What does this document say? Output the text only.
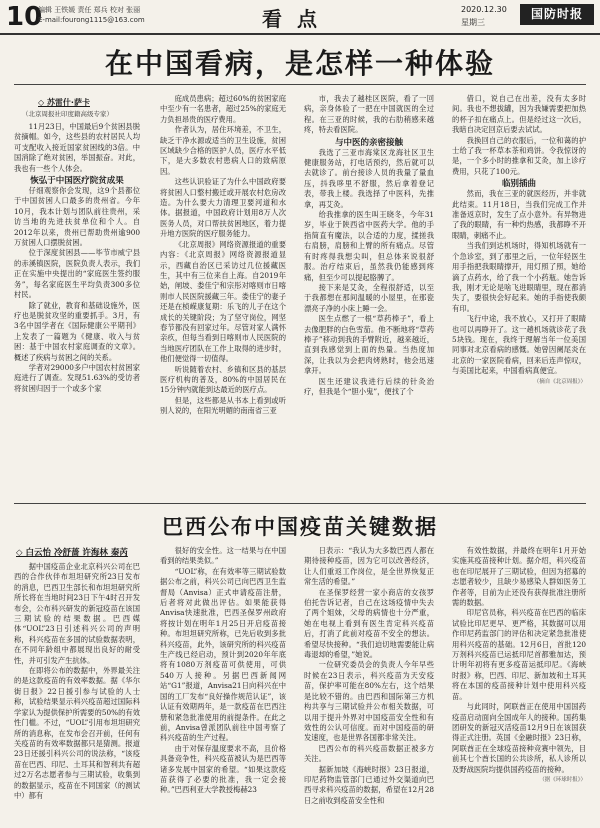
10
编辑 王铁媛 责任 郑兵 校对 张丽
E-mail:fourong1115@163.com	看 点	2020.12.30
星期三
国防时报
在中国看病，是怎样一种体验
◇ 苏雷什·萨卡
（北京周报社印度籍高级专家）

11月23日，中国最后9个贫困县脱贫摘帽。如今，这些县的农村居民人均可支配收入接近国家贫困线的3倍。中国消除了绝对贫困，举国振奋。对此，我也有一些个人体会。

恢弘于中国医疗院贫成果

仔细观察你会发现，这9个县都位于中国贫困人口最多的贵州省。今年10月，我本计划与团队前往贵州，采访当地的先进扶贫单位和个人。自2012年以来，贵州已帮助贵州逾900万贫困人口摆脱贫困。

位于深度贫困县——毕节市威宁县的赤溪镇医院，医院负责人表示，我们正在实施中央提出的“家庭医生签约服务”，每名家庭医生平均负责300多位村民。

除了就业，教育和基础设施外，医疗也是脱贫攻坚的重要抓手。3月，有3名中国学者在《国际健康公平期刊》上发表了一篇题为《健康、收入与贫困：基于中国农村家庭调查的文章》。概述了疾病与贫困之间的关系。

学者对29000多户中国农村贫困家庭进行了调查。发现51.63%的受访者将贫困归因于一个或多个家

庭成员患病；超过60%的贫困家庭中至少有一名患者，超过25%的家庭无力负担昂贵的医疗费用。

作者认为，居住环境差，不卫生，缺乏干净水源或适当的卫生设施，贫困区域缺少合格的医护人员，医疗水平低下，是大多数农村患病人口的致病原因。

这些认识验证了为什么中国政府要将贫困人口整村搬迁或开展农村危房改造。为什么要大力清理卫要河道和水体。据报道，中国政府计划用8万人次医务人员，对口帮扶贫困地区，着力提升地方医院的医疗服务能力。

《北京周报》网络资源报道的重要内容：《北京周报》网络资源报道显示，西藏自治区已采访过几位援藏医生，其中有三位来自上海。自2019年始，闸坡、娄佳宁和宗彤对喀则市日喀则市人民医院援藏三年。娄佳宁的妻子还是在桢嵘康复期：乐飞的儿子在这个成长的关键阶段；为了坚守岗位，网坚春节都没有回家过年。尽管对家人满怀亲疚，但每当看到日喀则市人民医院的当地医疗团队在工作上取得的进步时，他们便觉得一切值得。

听说随着农村、乡镇和区县的基层医疗机构的普及，80%的中国居民在15分钟内就能到达最近的医疗点。

但是，这些都是从书本上看到或听别人说的，在阳光明媚的南南省三亚

市，我去了越桂区医院，看了一回病，亲身体验了一把在中国就医的全过程。在三亚的时候，我的右肋稍感来越疼，特去看医院。

与中医的亲密接触

我选了三亚市海棠区龙海社区卫生健康服务站，打电话预约，然后就可以去就诊了。前台接诊人员的我量了量血压，抖我哆里不舒服，然后拿着登记表，带我上楼。我选择了中医科，先推拿，再艾灸。

给我推拿的医生叫王晓冬，今年31岁，毕业于陕西省中医药大学。他的手指简直有魔法，以合适的力度，揉搓我右肩膀，肩膀和上臂的所有痛点。尽管有时疼得我想尖叫，但总体来说很舒服。治疗结束后，虽然我仍能感到疼痛，但至少可以提起胳膊了。

接下来是艾灸，全程很舒适，以至于我都想在那间温暖的小屋里，在那瓷漂亮子净的小床上睡一会。

医生点燃了一根“草药棒子”，看上去像肥胖的白色雪茄。他不断地将“草药棒子”移动到我的手臂附近，越来越近，直到我感觉到上面的热量。当热度加深，让我以为会把肉烤熟时，他会迅速拿开。

医生还建议我进行后续的针灸治疗，但我是个“胆小鬼”，便找了个

借口，说自己在出差，没有太多时间。我也不想拔罐，因为我嫌需要把加热的杯子扣在痛点上。但是经过这一次后，我暗自决定回京后要去试试。

我换回自己的衣服后，一位和蔼的护士给了我一杯草本茶和鸡饼。令我惊讶的是，一个多小时的推拿和艾灸，加上诊疗费用，只花了100元。

临别插曲

然而，我在三亚的就医经历，并非就此结束。11月18日，当我们完成工作并准备返京时，发生了点小意外。有异物进了我的眼睛，有一种灼热感，我都睁不开眼睛，刺痛不止。

当我们到达机场时，得知机场就有一个急诊室，到了那里之后，一位年轻医生用手指把我眼睛撑开，用灯照了照，她给滴了点药水，给了我一个小药瓶。她告诉我，刚才无论是啥飞进眼睛里，现在都消失了，要很快会好起来。她的手指使我颇有印。

飞行中途，我不放心，又打开了眼睛也可以再睁开了。这一趟机场就诊花了我5块钱。现在，我终于理解当年一位美国同事对北京看病的感慨。她曾因阑尾炎在北京的一家医院看病，回来后连声惊叹，与美国比起来，中国看病真便宜。

（摘自《北京周报》）

巴西公布中国疫苗关键数据
◇ 白云怡 冷舒蔷 许海林 秦芮

据中国疫苗企业北京科兴公司在巴西的合作伙伴布坦坦研究所23日发布的消息，巴西卫生部长和布坦坦研究所所长将在当地时间23日下午4时召开发布会，公布科兴研发的新冠疫苗在该国三期试验的结果数据。巴西媒体“UOL”23日引述科兴公司的声明称，科兴疫苗在多国的试验数据表明，在不同年龄组中都展现出良好的耐受性，并可引发产生抗体。

在即将公布的数据中，外界最关注的是这款疫苗的有效率数据。据《华尔街日报》22日援引参与试验的人士称，试验结果显示科兴疫苗超过国际科学家认为提供保护所需要的50%的有效性门槛。不过，“UOL”引用布坦坦研究所的消息称，在发布会召开前，任何有关疫苗的有效率数据都只是猜测。报道23日还援引科兴公司的说法称，“该疫苗在巴西、印尼、土耳其和智利共有超过2万名志愿者参与三期试验，收集到的数据显示，疫苗在不同国家（的测试中）都有

很好的安全性。这一结果与在中国看到的结果类似。”

“UOL”称，在有效率等三期试验数据公布之前，科兴公司已向巴西卫生监督局（Anvisa）正式申请疫苗注册，后者将对此做出评估。如果能获得Anvisa快速批准，巴西圣保罗州政府将按计划在明年1月25日开启疫苗接种。布坦坦研究所称，已先后收到多批科兴疫苗，此外，该研究所的科兴疫苗生产线已经启动，预计到2020年年底将有1080万剂疫苗可供使用，可供540万人接种。另据巴西新闻网站“G1”报道，Anvisa21日向科兴在中国的工厂发布“良好操作规范认证”，该认证有效期两年，是一款疫苗在巴西注册和紧急批准使用的前提条件。在此之前，Anvisa曾派团队前往中国考察了科兴疫苗的生产过程。

由于对保存温度要求不高，且价格具备竞争性，科兴疫苗被认为是巴西等诸多发展中国家的希望。“如果这款疫苗获得了必要的批准，我一定会接种。”巴西利亚大学教授梅赫23

日表示：“我认为大多数巴西人都在期待接种疫苗，因为它可以改善经济，让人们重返工作岗位，是全世界恢复正常生活的希望。”

在圣保罗经营一家小商店的女孩罗伯托告诉记者，自己在这场疫情中失去了两个姐妹，父母的病情也十分严重，她在电视上看到有医生肯定科兴疫苗后，打消了此前对疫苗不安全的想法。希望尽快接种。“我们迫切地需要能让病毒退却的希望，”她说。

一位研究委员会的负责人今年早些时候在23日表示，科兴疫苗为天安疫苗，保护率可能在80%左右，这个结果是比较不错的。由巴西和国际第三方机构共享与三期试验并公布相关数据，可以用于提升外界对中国疫苗安全性和有效性的公认可信度。而对中国疫苗的研发速度，也是世界各国都非常关注。

巴西公布的科兴疫苗数据正被多方关注。

据新加坡《海峡时报》23日报道，印尼药物监管部门已通过外交渠道向巴西寻求科兴疫苗的数据，希望在12月28日之前收到疫苗安全性和

有效性数据，并最终在明年1月开始实施其疫苗接种计划。据介绍，科兴疫苗也在印尼展开了三期试验，但因为招募的志愿者较少，且缺少易感染人群如医务工作者等，目前为止还没有获得批准注册所需的数据。

印尼官员称，科兴疫苗在巴西的临床试验比印尼更早、更严格，其数据可以用作印尼药监部门的评估和决定紧急批准使用科兴疫苗的基础。12月6日，首批120万剂科兴疫苗已运抵印尼首都雅加达，预计明年初将有更多疫苗运抵印尼。《海峡时报》称，巴西、印尼、新加坡和土耳其将在本国的疫苗接种计划中使用科兴疫苗。

与此同时，阿联酋正在使用中国国药疫苗启动面向全国成年人的接种。国药集团研发的新冠灭活疫苗12月9日在该国获得正式注册。英国《金融时报》23日称，阿联酋正在全球疫苗接种竞赛中领先，目前其七个酋长国的公共诊所，私人诊所以及野战医院均提供国药疫苗的接种。

（据《环球时报》）
